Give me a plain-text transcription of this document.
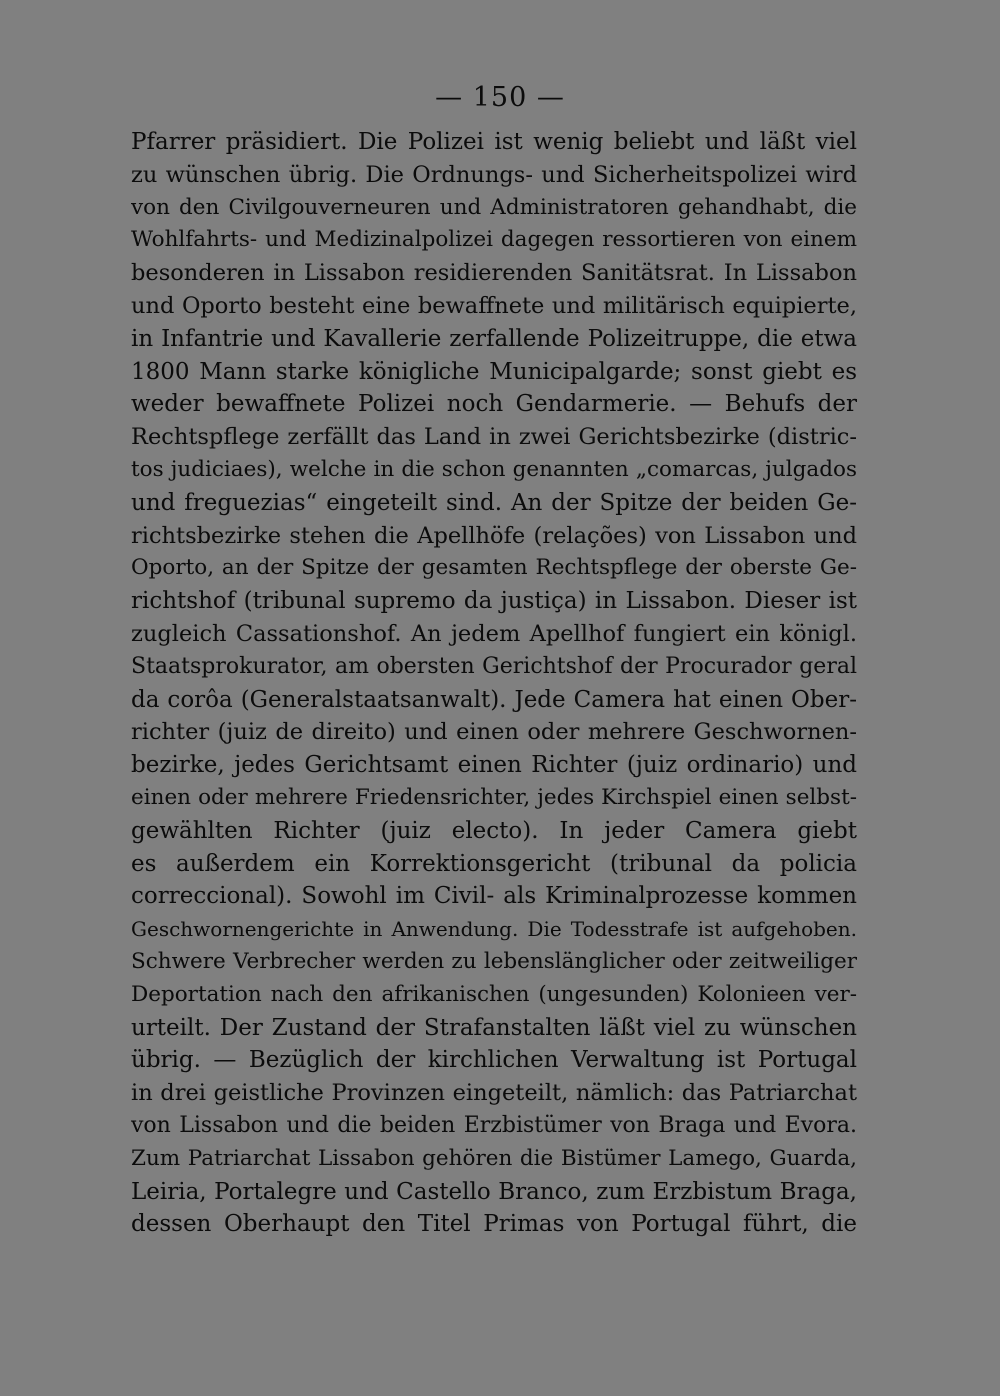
— 150 —
Pfarrer präsidiert. Die Polizei ist wenig beliebt und läßt viel
zu wünschen übrig. Die Ordnungs- und Sicherheitspolizei wird
von den Civilgouverneuren und Administratoren gehandhabt, die
Wohlfahrts- und Medizinalpolizei dagegen ressortieren von einem
besonderen in Lissabon residierenden Sanitätsrat. In Lissabon
und Oporto besteht eine bewaffnete und militärisch equipierte,
in Infantrie und Kavallerie zerfallende Polizeitruppe, die etwa
1800 Mann starke königliche Municipalgarde; sonst giebt es
weder bewaffnete Polizei noch Gendarmerie. — Behufs der
Rechtspflege zerfällt das Land in zwei Gerichtsbezirke (distric-
tos judiciaes), welche in die schon genannten „comarcas, julgados
und freguezias“ eingeteilt sind. An der Spitze der beiden Ge-
richtsbezirke stehen die Apellhöfe (relações) von Lissabon und
Oporto, an der Spitze der gesamten Rechtspflege der oberste Ge-
richtshof (tribunal supremo da justiça) in Lissabon. Dieser ist
zugleich Cassationshof. An jedem Apellhof fungiert ein königl.
Staatsprokurator, am obersten Gerichtshof der Procurador geral
da corôa (Generalstaatsanwalt). Jede Camera hat einen Ober-
richter (juiz de direito) und einen oder mehrere Geschwornen-
bezirke, jedes Gerichtsamt einen Richter (juiz ordinario) und
einen oder mehrere Friedensrichter, jedes Kirchspiel einen selbst-
gewählten Richter (juiz electo). In jeder Camera giebt
es außerdem ein Korrektionsgericht (tribunal da policia
correccional). Sowohl im Civil- als Kriminalprozesse kommen
Geschwornengerichte in Anwendung. Die Todesstrafe ist aufgehoben.
Schwere Verbrecher werden zu lebenslänglicher oder zeitweiliger
Deportation nach den afrikanischen (ungesunden) Kolonieen ver-
urteilt. Der Zustand der Strafanstalten läßt viel zu wünschen
übrig. — Bezüglich der kirchlichen Verwaltung ist Portugal
in drei geistliche Provinzen eingeteilt, nämlich: das Patriarchat
von Lissabon und die beiden Erzbistümer von Braga und Evora.
Zum Patriarchat Lissabon gehören die Bistümer Lamego, Guarda,
Leiria, Portalegre und Castello Branco, zum Erzbistum Braga,
dessen Oberhaupt den Titel Primas von Portugal führt, die
